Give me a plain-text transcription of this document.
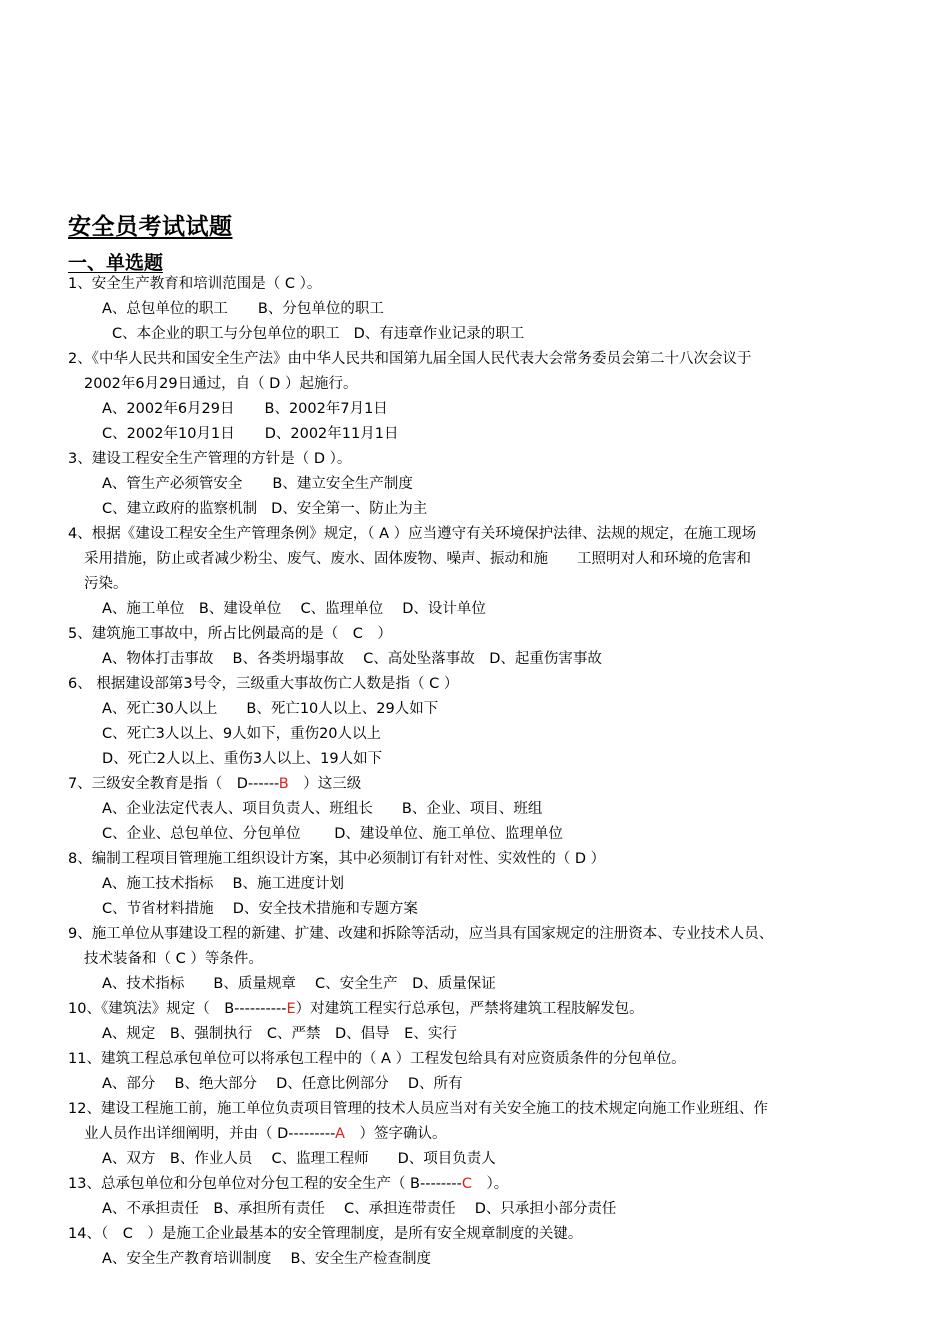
安全员考试试题
一、单选题
1、安全生产教育和培训范围是（ C ）。
A、总包单位的职工 B、分包单位的职工
C、本企业的职工与分包单位的职工 D、有违章作业记录的职工
2、《中华人民共和国安全生产法》由中华人民共和国第九届全国人民代表大会常务委员会第二十八次会议于
2002年6月29日通过，自（ D ）起施行。
A、2002年6月29日 B、2002年7月1日
C、2002年10月1日 D、2002年11月1日
3、建设工程安全生产管理的方针是（ D ）。
A、管生产必须管安全 B、建立安全生产制度
C、建立政府的监察机制 D、安全第一、防止为主
4、根据《建设工程安全生产管理条例》规定，（ A ）应当遵守有关环境保护法律、法规的规定，在施工现场
采用措施，防止或者减少粉尘、废气、废水、固体废物、噪声、振动和施　　工照明对人和环境的危害和
污染。
A、施工单位　B、建设单位　 C、监理单位　 D、设计单位
5、建筑施工事故中，所占比例最高的是（　C　）
A、物体打击事故　 B、各类坍塌事故　 C、高处坠落事故　D、起重伤害事故
6、 根据建设部第3号令，三级重大事故伤亡人数是指（ C ）
A、死亡30人以上　　B、死亡10人以上、29人如下
C、死亡3人以上、9人如下，重伤20人以上
D、死亡2人以上、重伤3人以上、19人如下
7、三级安全教育是指（　D------B　）这三级
A、企业法定代表人、项目负责人、班组长　　B、企业、项目、班组
C、企业、总包单位、分包单位　　 D、建设单位、施工单位、监理单位
8、编制工程项目管理施工组织设计方案，其中必须制订有针对性、实效性的（ D ）
A、施工技术指标　 B、施工进度计划
C、节省材料措施　 D、安全技术措施和专题方案
9、施工单位从事建设工程的新建、扩建、改建和拆除等活动，应当具有国家规定的注册资本、专业技术人员、
技术装备和（ C ）等条件。
A、技术指标　　B、质量规章　 C、安全生产　D、质量保证
10、《建筑法》规定（　B----------E）对建筑工程实行总承包，严禁将建筑工程肢解发包。
A、规定　B、强制执行　C、严禁　D、倡导　E、实行
11、建筑工程总承包单位可以将承包工程中的（ A ）工程发包给具有对应资质条件的分包单位。
A、部分　 B、绝大部分　 D、任意比例部分　 D、所有
12、建设工程施工前，施工单位负责项目管理的技术人员应当对有关安全施工的技术规定向施工作业班组、作
业人员作出详细阐明，并由（ D---------A　）签字确认。
A、双方　B、作业人员　 C、监理工程师　　D、项目负责人
13、总承包单位和分包单位对分包工程的安全生产（ B--------C　）。
A、不承担责任　B、承担所有责任　 C、承担连带责任　 D、只承担小部分责任
14、（　C　）是施工企业最基本的安全管理制度，是所有安全规章制度的关键。
A、安全生产教育培训制度　 B、安全生产检查制度
